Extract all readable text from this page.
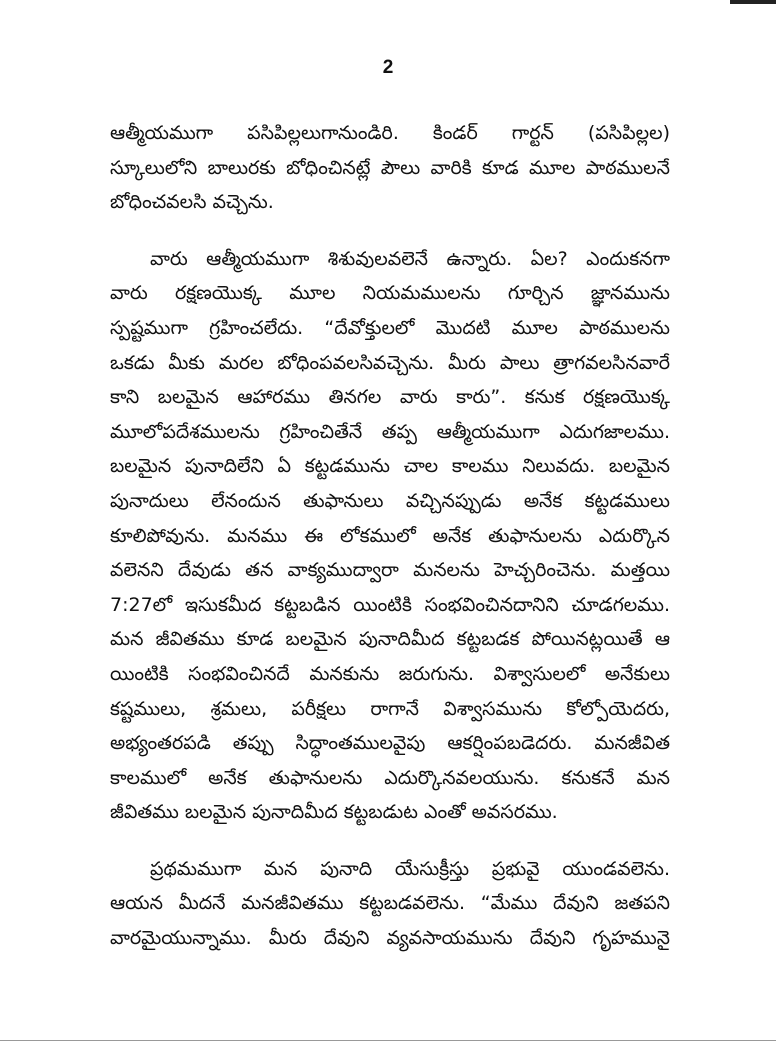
2
ఆత్మీయముగా పసిపిల్లలుగానుండిరి. కిండర్ గార్టన్ (పసిపిల్లల)
స్కూలులోని బాలురకు బోధించినట్లే పౌలు వారికి కూడ మూల పాఠములనే
బోధించవలసి వచ్చెను.
వారు ఆత్మీయముగా శిశువులవలెనే ఉన్నారు. ఏల? ఎందుకనగా
వారు రక్షణయొక్క మూల నియమములను గూర్చిన జ్ఞానమును
స్పష్టముగా గ్రహించలేదు. “దేవోక్తులలో మొదటి మూల పాఠములను
ఒకడు మీకు మరల బోధింపవలసివచ్చెను. మీరు పాలు త్రాగవలసినవారే
కాని బలమైన ఆహారము తినగల వారు కారు”. కనుక రక్షణయొక్క
మూలోపదేశములను గ్రహించితేనే తప్ప ఆత్మీయముగా ఎదుగజాలము.
బలమైన పునాదిలేని ఏ కట్టడమును చాల కాలము నిలువదు. బలమైన
పునాదులు లేనందున తుఫానులు వచ్చినప్పుడు అనేక కట్టడములు
కూలిపోవును. మనము ఈ లోకములో అనేక తుఫానులను ఎదుర్కొన
వలెనని దేవుడు తన వాక్యముద్వారా మనలను హెచ్చరించెను. మత్తయి
7:27లో ఇసుకమీద కట్టబడిన యింటికి సంభవించినదానిని చూడగలము.
మన జీవితము కూడ బలమైన పునాదిమీద కట్టబడక పోయినట్లయితే ఆ
యింటికి సంభవించినదే మనకును జరుగును. విశ్వాసులలో అనేకులు
కష్టములు, శ్రమలు, పరీక్షలు రాగానే విశ్వాసమును కోల్పోయెదరు,
అభ్యంతరపడి తప్పు సిద్ధాంతములవైపు ఆకర్షింపబడెదరు. మనజీవిత
కాలములో అనేక తుఫానులను ఎదుర్కొనవలయును. కనుకనే మన
జీవితము బలమైన పునాదిమీద కట్టబడుట ఎంతో అవసరము.
ప్రథమముగా మన పునాది యేసుక్రీస్తు ప్రభువై యుండవలెను.
ఆయన మీదనే మనజీవితము కట్టబడవలెను. “మేము దేవుని జతపని
వారమైయున్నాము. మీరు దేవుని వ్యవసాయమును దేవుని గృహమునై
